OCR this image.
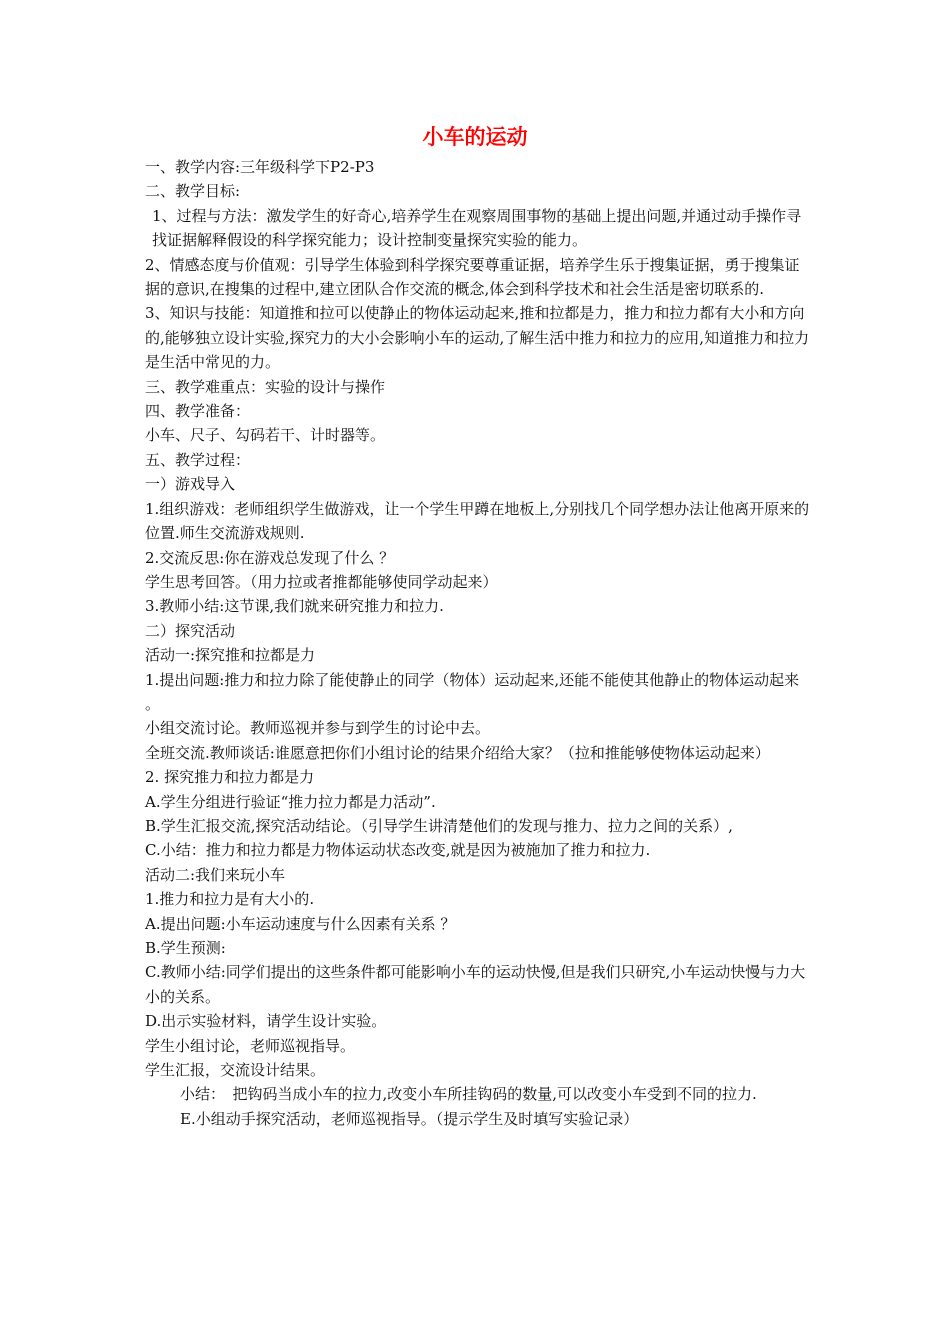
小车的运动

一、教学内容:三年级科学下P2-P3

二、教学目标:

1、过程与方法：激发学生的好奇心,培养学生在观察周围事物的基础上提出问题,并通过动手操作寻找证据解释假设的科学探究能力；设计控制变量探究实验的能力。

2、情感态度与价值观：引导学生体验到科学探究要尊重证据，培养学生乐于搜集证据，勇于搜集证据的意识,在搜集的过程中,建立团队合作交流的概念,体会到科学技术和社会生活是密切联系的.

3、知识与技能：知道推和拉可以使静止的物体运动起来,推和拉都是力，推力和拉力都有大小和方向的,能够独立设计实验,探究力的大小会影响小车的运动,了解生活中推力和拉力的应用,知道推力和拉力是生活中常见的力。

三、教学难重点：实验的设计与操作

四、教学准备：

小车、尺子、勾码若干、计时器等。

五、教学过程：

一）游戏导入

1.组织游戏：老师组织学生做游戏，让一个学生甲蹲在地板上,分别找几个同学想办法让他离开原来的位置.师生交流游戏规则.

2.交流反思:你在游戏总发现了什么 ？

学生思考回答。（用力拉或者推都能够使同学动起来）

3.教师小结:这节课,我们就来研究推力和拉力.

二）探究活动

活动一:探究推和拉都是力

1.提出问题:推力和拉力除了能使静止的同学（物体）运动起来,还能不能使其他静止的物体运动起来 。

小组交流讨论。教师巡视并参与到学生的讨论中去。

全班交流.教师谈话:谁愿意把你们小组讨论的结果介绍给大家？（拉和推能够使物体运动起来）

2. 探究推力和拉力都是力

A.学生分组进行验证“推力拉力都是力活动”.

B.学生汇报交流,探究活动结论。（引导学生讲清楚他们的发现与推力、拉力之间的关系）,

C.小结：推力和拉力都是力物体运动状态改变,就是因为被施加了推力和拉力.

活动二:我们来玩小车

1.推力和拉力是有大小的.

A.提出问题:小车运动速度与什么因素有关系 ？

B.学生预测:

C.教师小结:同学们提出的这些条件都可能影响小车的运动快慢,但是我们只研究,小车运动快慢与力大小的关系。

D.出示实验材料，请学生设计实验。

学生小组讨论，老师巡视指导。

学生汇报，交流设计结果。

小结：　把钩码当成小车的拉力,改变小车所挂钩码的数量,可以改变小车受到不同的拉力.

E.小组动手探究活动，老师巡视指导。（提示学生及时填写实验记录）
